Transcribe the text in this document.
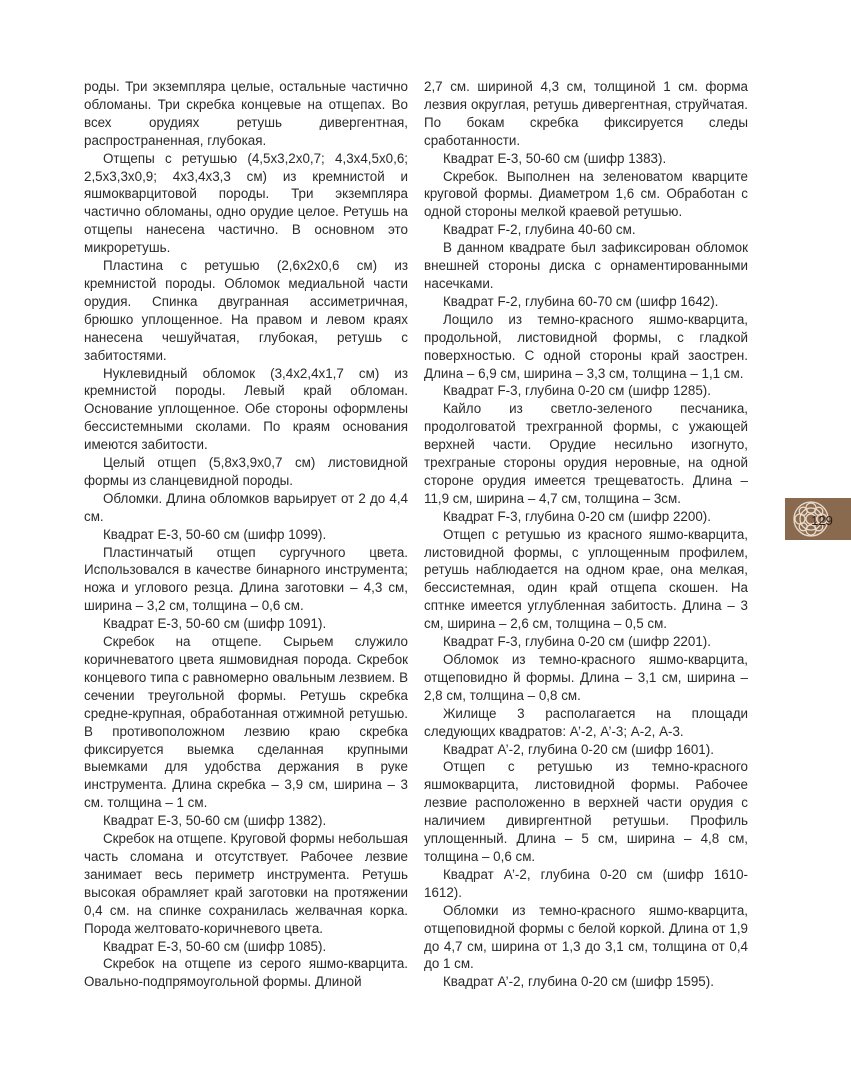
роды. Три экземпляра целые, остальные частично обломаны. Три скребка концевые на отщепах. Во всех орудиях ретушь дивергентная, распространенная, глубокая.

Отщепы с ретушью (4,5х3,2х0,7; 4,3х4,5х0,6; 2,5х3,3х0,9; 4х3,4х3,3 см) из кремнистой и яшмокварцитовой породы. Три экземпляра частично обломаны, одно орудие целое. Ретушь на отщепы нанесена частично. В основном это микроретушь.

Пластина с ретушью (2,6х2х0,6 см) из кремнистой породы. Обломок медиальной части орудия. Спинка двугранная ассиметричная, брюшко уплощенное. На правом и левом краях нанесена чешуйчатая, глубокая, ретушь с забитостями.

Нуклевидный обломок (3,4х2,4х1,7 см) из кремнистой породы. Левый край обломан. Основание уплощенное. Обе стороны оформлены бессистемными сколами. По краям основания имеются забитости.

Целый отщеп (5,8х3,9х0,7 см) листовидной формы из сланцевидной породы.

Обломки. Длина обломков варьирует от 2 до 4,4 см.

Квадрат Е-3, 50-60 см (шифр 1099).

Пластинчатый отщеп сургучного цвета. Использовался в качестве бинарного инструмента; ножа и углового резца. Длина заготовки – 4,3 см, ширина – 3,2 см, толщина – 0,6 см.

Квадрат Е-3, 50-60 см (шифр 1091).

Скребок на отщепе. Сырьем служило коричневатого цвета яшмовидная порода. Скребок концевого типа с равномерно овальным лезвием. В сечении треугольной формы. Ретушь скребка средне-крупная, обработанная отжимной ретушью. В противоположном лезвию краю скребка фиксируется выемка сделанная крупными выемками для удобства держания в руке инструмента. Длина скребка – 3,9 см, ширина – 3 см. толщина – 1 см.

Квадрат Е-3, 50-60 см (шифр 1382).

Скребок на отщепе. Круговой формы небольшая часть сломана и отсутствует. Рабочее лезвие занимает весь периметр инструмента. Ретушь высокая обрамляет край заготовки на протяжении 0,4 см. на спинке сохранилась желвачная корка. Порода желтовато-коричневого цвета.

Квадрат Е-3, 50-60 см (шифр 1085).

Скребок на отщепе из серого яшмо-кварцита. Овально-подпрямоугольной формы. Длиной

2,7 см. шириной 4,3 см, толщиной 1 см. форма лезвия округлая, ретушь дивергентная, струйчатая. По бокам скребка фиксируется следы сработанности.

Квадрат Е-3, 50-60 см (шифр 1383).

Скребок. Выполнен на зеленоватом кварците круговой формы. Диаметром 1,6 см. Обработан с одной стороны мелкой краевой ретушью.

Квадрат F-2, глубина 40-60 см.

В данном квадрате был зафиксирован обломок внешней стороны диска с орнаментированными насечками.

Квадрат F-2, глубина 60-70 см (шифр 1642).

Лощило из темно-красного яшмо-кварцита, продольной, листовидной формы, с гладкой поверхностью. С одной стороны край заострен. Длина – 6,9 см, ширина – 3,3 см, толщина – 1,1 см.

Квадрат F-3, глубина 0-20 см (шифр 1285).

Кайло из светло-зеленого песчаника, продолговатой трехгранной формы, с ужающей верхней части. Орудие несильно изогнуто, трехграные стороны орудия неровные, на одной стороне орудия имеется трещеватость. Длина – 11,9 см, ширина – 4,7 см, толщина – 3см.

Квадрат F-3, глубина 0-20 см (шифр 2200).

Отщеп с ретушью из красного яшмо-кварцита, листовидной формы, с уплощенным профилем, ретушь наблюдается на одном крае, она мелкая, бессистемная, один край отщепа скошен. На сптнке имеется углубленная забитость. Длина – 3 см, ширина – 2,6 см, толщина – 0,5 см.

Квадрат F-3, глубина 0-20 см (шифр 2201).

Обломок из темно-красного яшмо-кварцита, отщеповидно й формы. Длина – 3,1 см, ширина – 2,8 см, толщина – 0,8 см.

Жилище 3 располагается на площади следующих квадратов: А’-2, А’-3; А-2, А-3.

Квадрат А’-2, глубина 0-20 см (шифр 1601).

Отщеп с ретушью из темно-красного яшмокварцита, листовидной формы. Рабочее лезвие расположенно в верхней части орудия с наличием дивиргентной ретушьи. Профиль уплощенный. Длина – 5 см, ширина – 4,8 см, толщина – 0,6 см.

Квадрат А’-2, глубина 0-20 см (шифр 1610-1612).

Обломки из темно-красного яшмо-кварцита, отщеповидной формы с белой коркой. Длина от 1,9 до 4,7 см, ширина от 1,3 до 3,1 см, толщина от 0,4 до 1 см.

Квадрат А’-2, глубина 0-20 см (шифр 1595).

129
